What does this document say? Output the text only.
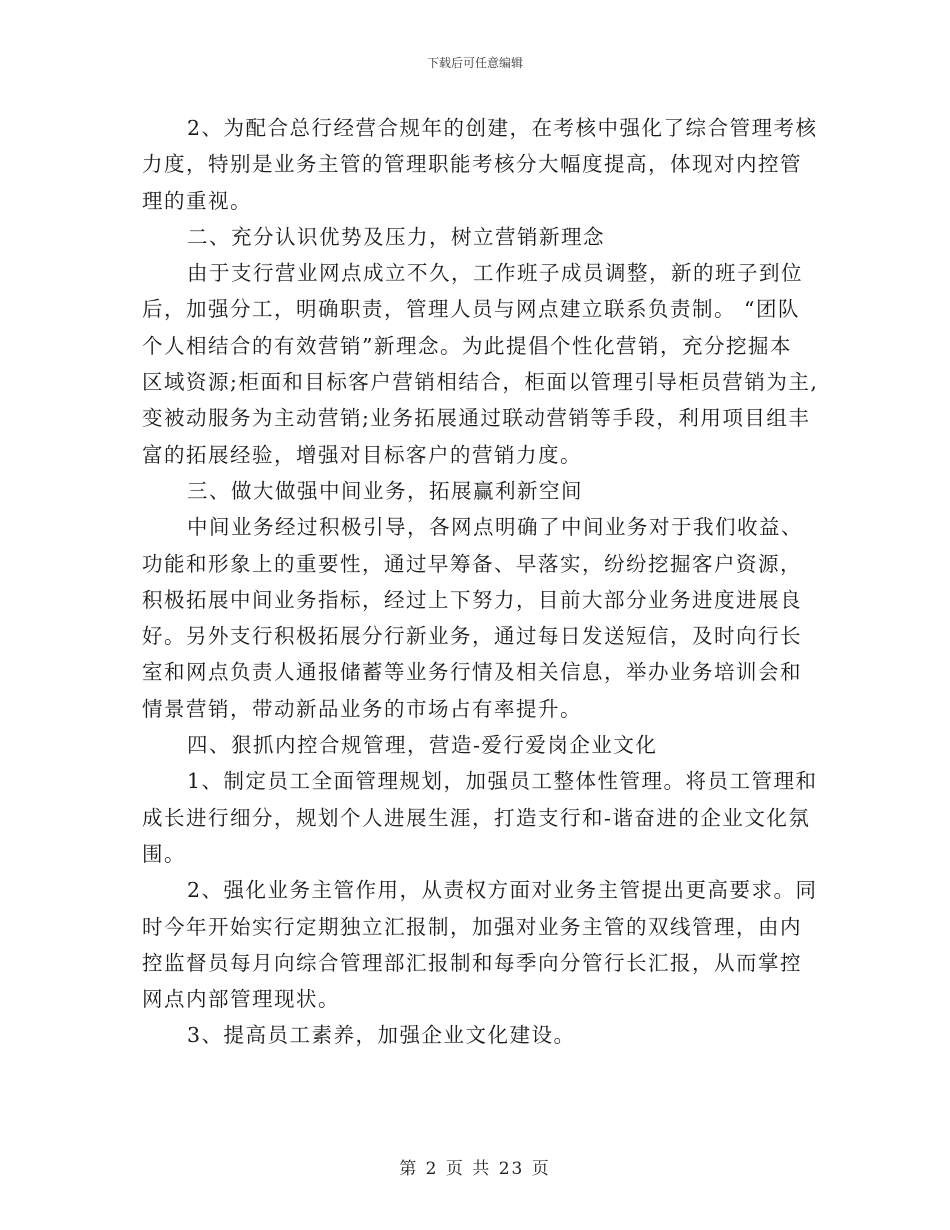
下载后可任意编辑

2、为配合总行经营合规年的创建，在考核中强化了综合管理考核
力度，特别是业务主管的管理职能考核分大幅度提高，体现对内控管
理的重视。

二、充分认识优势及压力，树立营销新理念

由于支行营业网点成立不久，工作班子成员调整，新的班子到位
后，加强分工，明确职责，管理人员与网点建立联系负责制。 “团队
个人相结合的有效营销”新理念。为此提倡个性化营销，充分挖掘本
区域资源;柜面和目标客户营销相结合，柜面以管理引导柜员营销为主,
变被动服务为主动营销;业务拓展通过联动营销等手段，利用项目组丰
富的拓展经验，增强对目标客户的营销力度。

三、做大做强中间业务，拓展赢利新空间

中间业务经过积极引导，各网点明确了中间业务对于我们收益、
功能和形象上的重要性，通过早筹备、早落实，纷纷挖掘客户资源，
积极拓展中间业务指标，经过上下努力，目前大部分业务进度进展良
好。另外支行积极拓展分行新业务，通过每日发送短信，及时向行长
室和网点负责人通报储蓄等业务行情及相关信息，举办业务培训会和
情景营销，带动新品业务的市场占有率提升。

四、狠抓内控合规管理，营造-爱行爱岗企业文化

1、制定员工全面管理规划，加强员工整体性管理。将员工管理和
成长进行细分，规划个人进展生涯，打造支行和-谐奋进的企业文化氛
围。

2、强化业务主管作用，从责权方面对业务主管提出更高要求。同
时今年开始实行定期独立汇报制，加强对业务主管的双线管理，由内
控监督员每月向综合管理部汇报制和每季向分管行长汇报，从而掌控
网点内部管理现状。

3、提高员工素养，加强企业文化建设。

第 2 页 共 23 页
